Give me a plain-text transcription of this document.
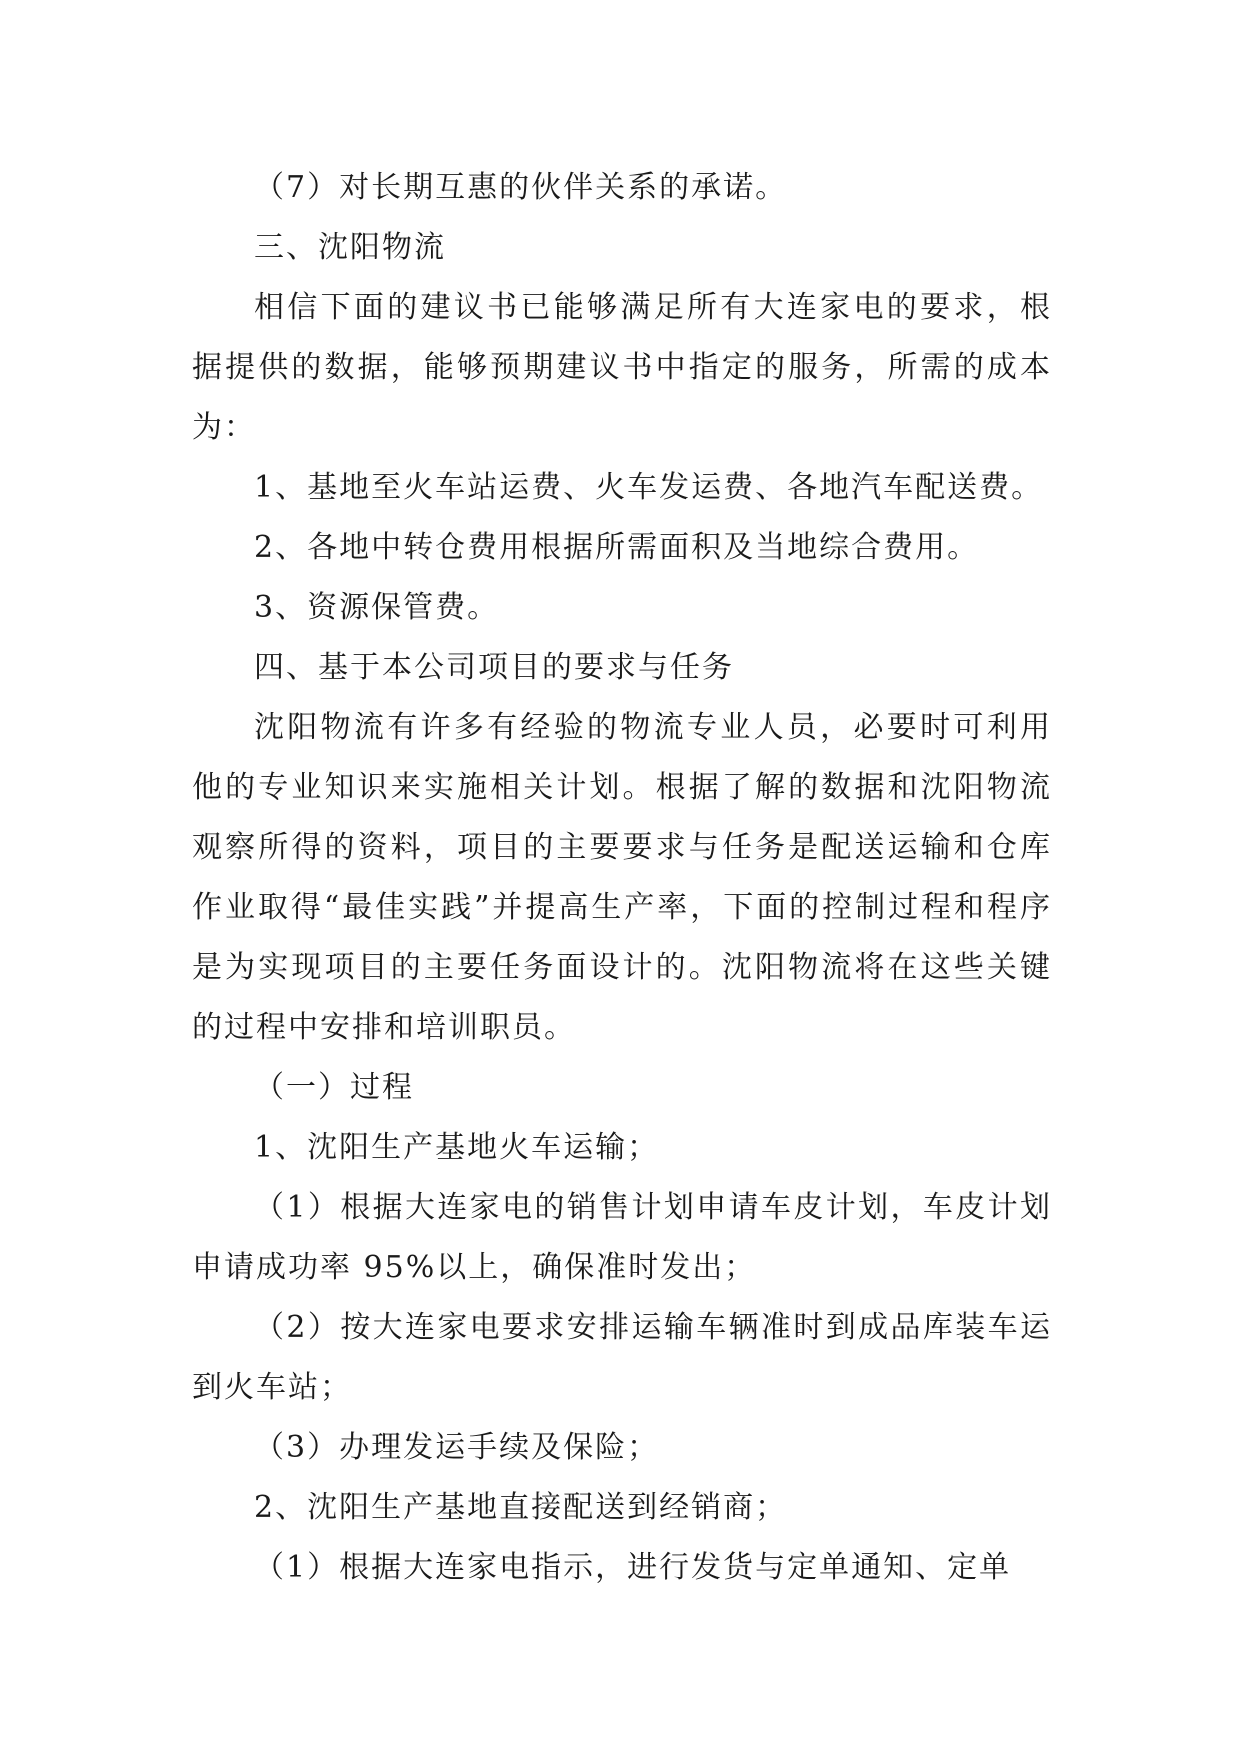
（7）对长期互惠的伙伴关系的承诺。
三、沈阳物流

相信下面的建议书已能够满足所有大连家电的要求，根据提供的数据，能够预期建议书中指定的服务，所需的成本为：

1、基地至火车站运费、火车发运费、各地汽车配送费。
2、各地中转仓费用根据所需面积及当地综合费用。
3、资源保管费。
四、基于本公司项目的要求与任务

沈阳物流有许多有经验的物流专业人员，必要时可利用他的专业知识来实施相关计划。根据了解的数据和沈阳物流观察所得的资料，项目的主要要求与任务是配送运输和仓库作业取得“最佳实践”并提高生产率，下面的控制过程和程序是为实现项目的主要任务面设计的。沈阳物流将在这些关键的过程中安排和培训职员。

（一）过程
1、沈阳生产基地火车运输；

（1）根据大连家电的销售计划申请车皮计划，车皮计划申请成功率 95%以上，确保准时发出；

（2）按大连家电要求安排运输车辆准时到成品库装车运到火车站；

（3）办理发运手续及保险；
2、沈阳生产基地直接配送到经销商；
（1）根据大连家电指示，进行发货与定单通知、定单
